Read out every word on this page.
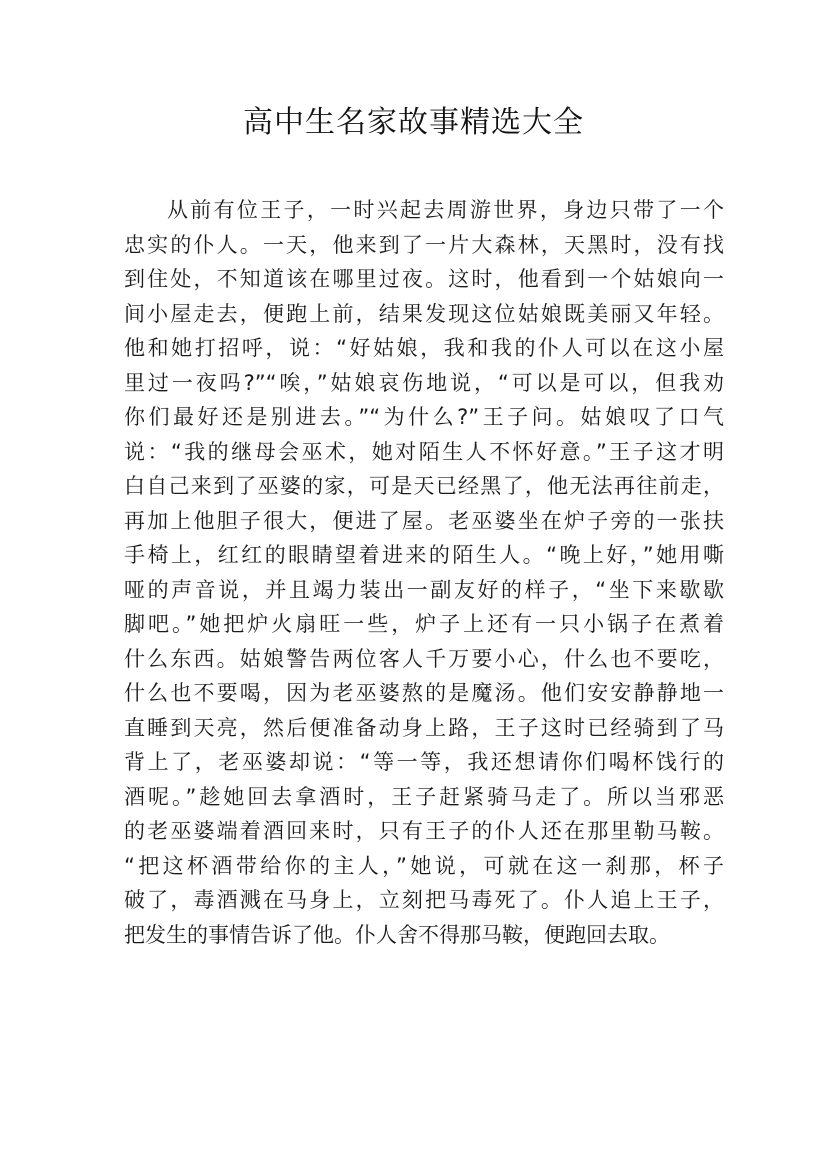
高中生名家故事精选大全
从前有位王子，一时兴起去周游世界，身边只带了一个
忠实的仆人。一天，他来到了一片大森林，天黑时，没有找
到住处，不知道该在哪里过夜。这时，他看到一个姑娘向一
间小屋走去，便跑上前，结果发现这位姑娘既美丽又年轻。
他和她打招呼，说：“好姑娘，我和我的仆人可以在这小屋
里过一夜吗?”“唉，”姑娘哀伤地说，“可以是可以，但我劝
你们最好还是别进去。”“为什么?”王子问。姑娘叹了口气
说：“我的继母会巫术，她对陌生人不怀好意。”王子这才明
白自己来到了巫婆的家，可是天已经黑了，他无法再往前走，
再加上他胆子很大，便进了屋。老巫婆坐在炉子旁的一张扶
手椅上，红红的眼睛望着进来的陌生人。“晚上好，”她用嘶
哑的声音说，并且竭力装出一副友好的样子，“坐下来歇歇
脚吧。”她把炉火扇旺一些，炉子上还有一只小锅子在煮着
什么东西。姑娘警告两位客人千万要小心，什么也不要吃，
什么也不要喝，因为老巫婆熬的是魔汤。他们安安静静地一
直睡到天亮，然后便准备动身上路，王子这时已经骑到了马
背上了，老巫婆却说：“等一等，我还想请你们喝杯饯行的
酒呢。”趁她回去拿酒时，王子赶紧骑马走了。所以当邪恶
的老巫婆端着酒回来时，只有王子的仆人还在那里勒马鞍。
“把这杯酒带给你的主人，”她说，可就在这一刹那，杯子
破了，毒酒溅在马身上，立刻把马毒死了。仆人追上王子，
把发生的事情告诉了他。仆人舍不得那马鞍，便跑回去取。
